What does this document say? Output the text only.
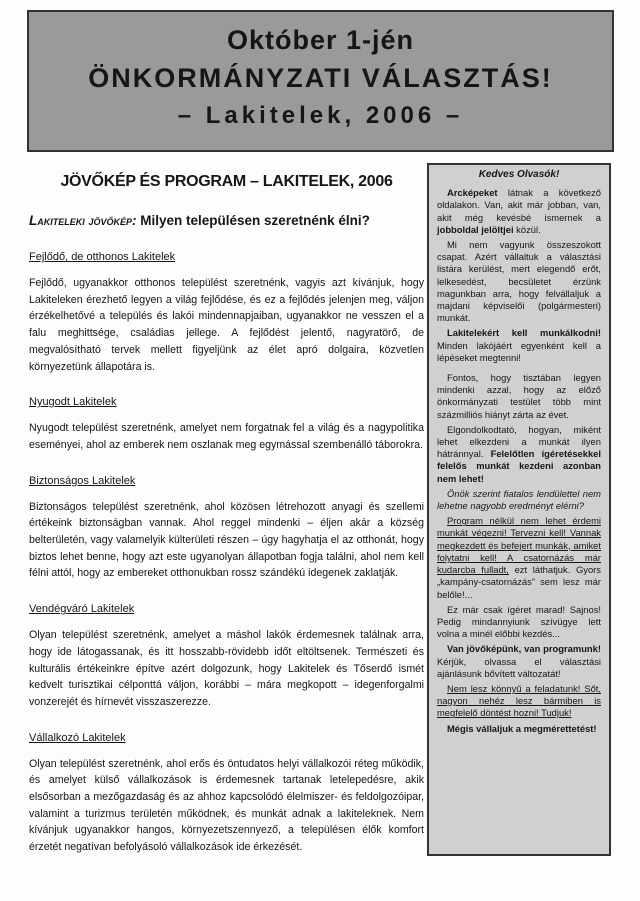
Október 1-jén
ÖNKORMÁNYZATI VÁLASZTÁS!
– Lakitelek, 2006 –
JÖVŐKÉP ÉS PROGRAM – LAKITELEK, 2006
Lakiteleki jövőkép: Milyen településen szeretnénk élni?
Fejlődő, de otthonos Lakitelek

Fejlődő, ugyanakkor otthonos települést szeretnénk, vagyis azt kívánjuk, hogy Lakiteleken érezhető legyen a világ fejlődése, és ez a fejlődés jelenjen meg, váljon érzékelhetővé a település és lakói mindennapjaiban, ugyanakkor ne vesszen el a falu meghittsége, családias jellege. A fejlődést jelentő, nagyratörő, de megvalósítható tervek mellett figyeljünk az élet apró dolgaira, közvetlen környezetünk állapotára is.

Nyugodt Lakitelek

Nyugodt települést szeretnénk, amelyet nem forgatnak fel a világ és a nagypolitika eseményei, ahol az emberek nem oszlanak meg egymással szembenálló táborokra.

Biztonságos Lakitelek

Biztonságos települést szeretnénk, ahol közösen létrehozott anyagi és szellemi értékeink biztonságban vannak. Ahol reggel mindenki – éljen akár a község belterületén, vagy valamelyik külterületi részen – úgy hagyhatja el az otthonát, hogy biztos lehet benne, hogy azt este ugyanolyan állapotban fogja találni, ahol nem kell félni attól, hogy az embereket otthonukban rossz szándékú idegenek zaklatják.

Vendégváró Lakitelek

Olyan települést szeretnénk, amelyet a máshol lakók érdemesnek találnak arra, hogy ide látogassanak, és itt hosszabb-rövidebb időt eltöltsenek. Természeti és kulturális értékeinkre építve azért dolgozunk, hogy Lakitelek és Tőserdő ismét kedvelt turisztikai célponttá váljon, korábbi – mára megkopott – idegenforgalmi vonzerejét és hírnevét visszaszerezze.

Vállalkozó Lakitelek

Olyan települést szeretnénk, ahol erős és öntudatos helyi vállalkozói réteg működik, és amelyet külső vállalkozások is érdemesnek tartanak letelepedésre, akik elsősorban a mezőgazdaság és az ahhoz kapcsolódó élelmiszer- és feldolgozóipar, valamint a turizmus területén működnek, és munkát adnak a lakiteleknek. Nem kívánjuk ugyanakkor hangos, környezetszennyező, a településen élők komfort érzetét negatívan befolyásoló vállalkozások ide érkezését.

Kedves Olvasók!

Arcképeket látnak a következő oldalakon. Van, akit már jobban, van, akit még kevésbé ismernek a jobboldal jelöltjei közül.

Mi nem vagyunk összeszokott csapat. Azért vállaltuk a választási listára kerülést, mert elegendő erőt, lelkesedést, becsületet érzünk magunkban arra, hogy felvállaljuk a majdani képviselői (polgármesteri) munkát.

Lakitelekért kell munkálkodni! Minden lakójáért egyenként kell a lépéseket megtenni!

Fontos, hogy tisztában legyen mindenki azzal, hogy az előző önkormányzati testület több mint százmilliós hiányt zárta az évet.

Elgondolkodtató, hogyan, miként lehet elkezdeni a munkát ilyen hátránnyal. Felelőtlen ígéretésekkel felelős munkát kezdeni azonban nem lehet!

Önök szerint fiatalos lendülettel nem lehetne nagyobb eredményt elérni?

Program nélkül nem lehet érdemi munkát végezni! Tervezni kell! Vannak megkezdett és befejert munkák, amiket folytatni kell! A csatornázás már kudarcba fulladt, ezt láthatjuk. Gyors „kampány-csatornázás” sem lesz már belőle!...

Ez már csak ígéret marad! Sajnos! Pedig mindannyiunk szívügye lett volna a minél előbbi kezdés...

Van jövőképünk, van programunk! Kérjük, olvassa el választási ajánlásunk bővített változatát!

Nem lesz könnyű a feladatunk! Sőt, nagyon nehéz lesz bármiben is megfelelő döntést hozni! Tudjuk!

Mégis vállaljuk a megmérettetést!
